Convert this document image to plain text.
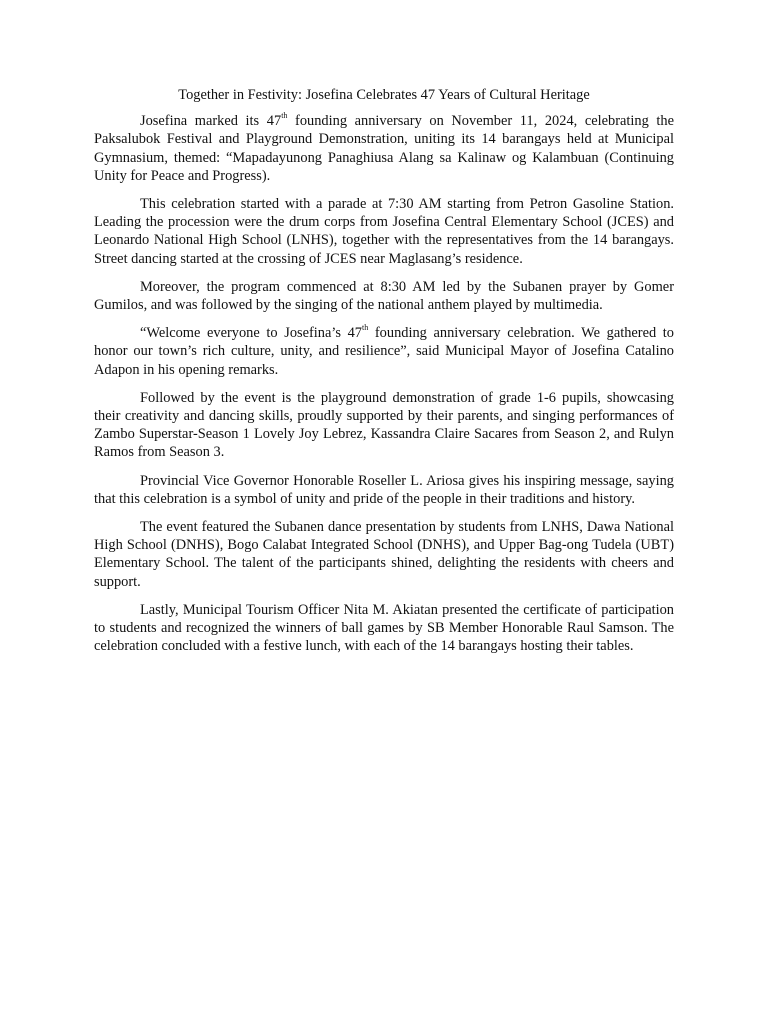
Together in Festivity: Josefina Celebrates 47 Years of Cultural Heritage

Josefina marked its 47th founding anniversary on November 11, 2024, celebrating the Paksalubok Festival and Playground Demonstration, uniting its 14 barangays held at Municipal Gymnasium, themed: “Mapadayunong Panaghiusa Alang sa Kalinaw og Kalambuan (Continuing Unity for Peace and Progress).

This celebration started with a parade at 7:30 AM starting from Petron Gasoline Station. Leading the procession were the drum corps from Josefina Central Elementary School (JCES) and Leonardo National High School (LNHS), together with the representatives from the 14 barangays. Street dancing started at the crossing of JCES near Maglasang’s residence.

Moreover, the program commenced at 8:30 AM led by the Subanen prayer by Gomer Gumilos, and was followed by the singing of the national anthem played by multimedia.

“Welcome everyone to Josefina’s 47th founding anniversary celebration. We gathered to honor our town’s rich culture, unity, and resilience”, said Municipal Mayor of Josefina Catalino Adapon in his opening remarks.

Followed by the event is the playground demonstration of grade 1-6 pupils, showcasing their creativity and dancing skills, proudly supported by their parents, and singing performances of Zambo Superstar-Season 1 Lovely Joy Lebrez, Kassandra Claire Sacares from Season 2, and Rulyn Ramos from Season 3.

Provincial Vice Governor Honorable Roseller L. Ariosa gives his inspiring message, saying that this celebration is a symbol of unity and pride of the people in their traditions and history.

The event featured the Subanen dance presentation by students from LNHS, Dawa National High School (DNHS), Bogo Calabat Integrated School (DNHS), and Upper Bag-ong Tudela (UBT) Elementary School. The talent of the participants shined, delighting the residents with cheers and support.

Lastly, Municipal Tourism Officer Nita M. Akiatan presented the certificate of participation to students and recognized the winners of ball games by SB Member Honorable Raul Samson. The celebration concluded with a festive lunch, with each of the 14 barangays hosting their tables.
